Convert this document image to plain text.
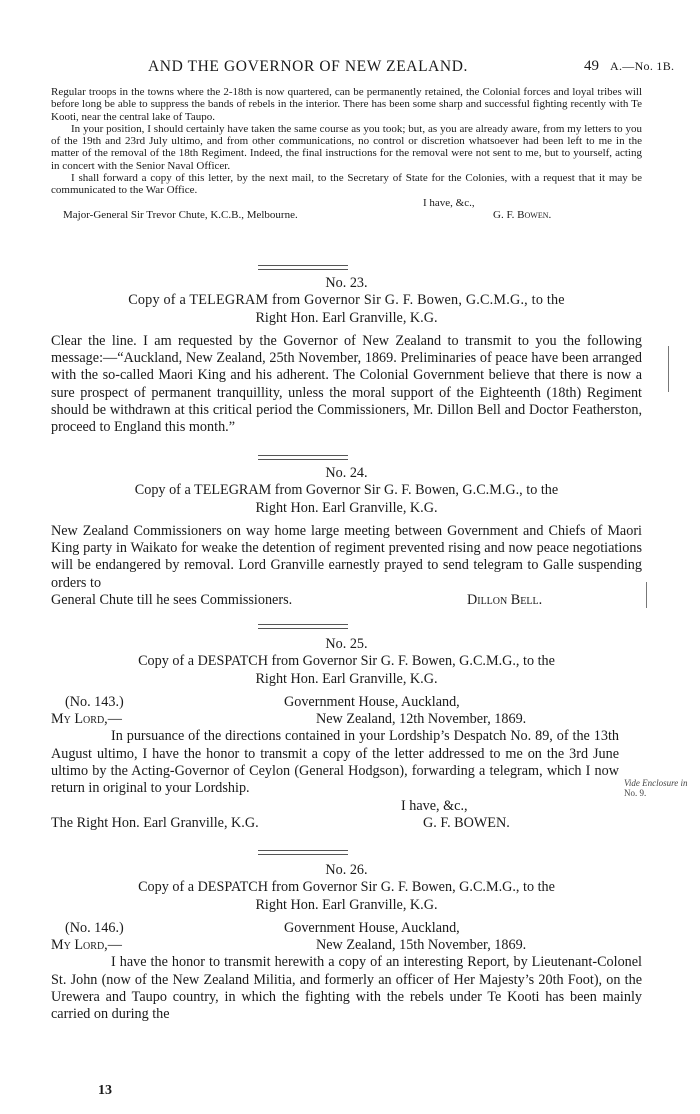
AND THE GOVERNOR OF NEW ZEALAND.	49 A.—No. 1B.
Regular troops in the towns where the 2-18th is now quartered, can be permanently retained, the Colonial forces and loyal tribes will before long be able to suppress the bands of rebels in the interior. There has been some sharp and successful fighting recently with Te Kooti, near the central lake of Taupo.
In your position, I should certainly have taken the same course as you took; but, as you are already aware, from my letters to you of the 19th and 23rd July ultimo, and from other communications, no control or discretion whatsoever had been left to me in the matter of the removal of the 18th Regiment. Indeed, the final instructions for the removal were not sent to me, but to yourself, acting in concert with the Senior Naval Officer.
I shall forward a copy of this letter, by the next mail, to the Secretary of State for the Colonies, with a request that it may be communicated to the War Office.
I have, &c.,
Major-General Sir Trevor Chute, K.C.B., Melbourne.	G. F. Bowen.
No. 23.
Copy of a TELEGRAM from Governor Sir G. F. Bowen, G.C.M.G., to the
Right Hon. Earl Granville, K.G.
Clear the line. I am requested by the Governor of New Zealand to transmit to you the following message:—“Auckland, New Zealand, 25th November, 1869. Preliminaries of peace have been arranged with the so-called Maori King and his adherent. The Colonial Government believe that there is now a sure prospect of permanent tranquillity, unless the moral support of the Eighteenth (18th) Regiment should be withdrawn at this critical period the Commissioners, Mr. Dillon Bell and Doctor Featherston, proceed to England this month.”
No. 24.
Copy of a TELEGRAM from Governor Sir G. F. Bowen, G.C.M.G., to the
Right Hon. Earl Granville, K.G.
New Zealand Commissioners on way home large meeting between Government and Chiefs of Maori King party in Waikato for weake the detention of regiment prevented rising and now peace negotiations will be endangered by removal. Lord Granville earnestly prayed to send telegram to Galle suspending orders to
General Chute till he sees Commissioners.	Dillon Bell.
No. 25.
Copy of a DESPATCH from Governor Sir G. F. Bowen, G.C.M.G., to the
Right Hon. Earl Granville, K.G.
(No. 143.)	Government House, Auckland,
My Lord,—	New Zealand, 12th November, 1869.
In pursuance of the directions contained in your Lordship’s Despatch No. 89, of the 13th August ultimo, I have the honor to transmit a copy of the letter addressed to me on the 3rd June ultimo by the Acting-Governor of Ceylon (General Hodgson), forwarding a telegram, which I now return in original to your Lordship.
I have, &c.,
The Right Hon. Earl Granville, K.G.	G. F. BOWEN.
Vide Enclosure in
No. 9.
No. 26.
Copy of a DESPATCH from Governor Sir G. F. Bowen, G.C.M.G., to the
Right Hon. Earl Granville, K.G.
(No. 146.)	Government House, Auckland,
My Lord,—	New Zealand, 15th November, 1869.
I have the honor to transmit herewith a copy of an interesting Report, by Lieutenant-Colonel St. John (now of the New Zealand Militia, and formerly an officer of Her Majesty’s 20th Foot), on the Urewera and Taupo country, in which the fighting with the rebels under Te Kooti has been mainly carried on during the
13
